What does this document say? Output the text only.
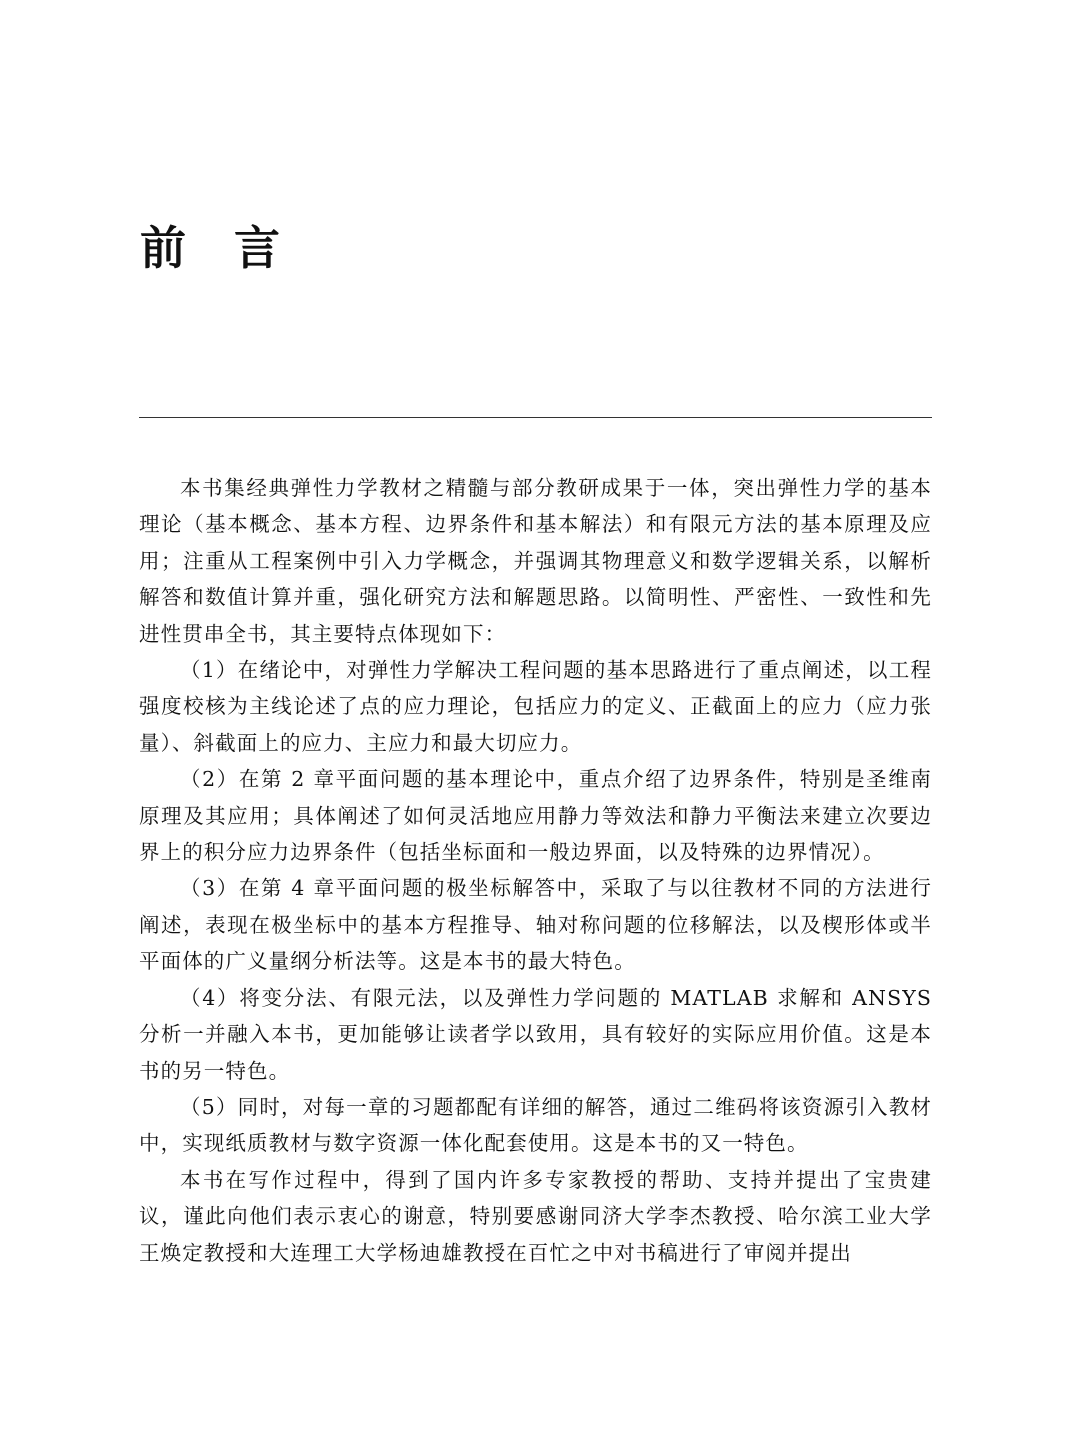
前言

本书集经典弹性力学教材之精髓与部分教研成果于一体，突出弹性力学的基本理论（基本概念、基本方程、边界条件和基本解法）和有限元方法的基本原理及应用；注重从工程案例中引入力学概念，并强调其物理意义和数学逻辑关系，以解析解答和数值计算并重，强化研究方法和解题思路。以简明性、严密性、一致性和先进性贯串全书，其主要特点体现如下：

（1）在绪论中，对弹性力学解决工程问题的基本思路进行了重点阐述，以工程强度校核为主线论述了点的应力理论，包括应力的定义、正截面上的应力（应力张量）、斜截面上的应力、主应力和最大切应力。

（2）在第 2 章平面问题的基本理论中，重点介绍了边界条件，特别是圣维南原理及其应用；具体阐述了如何灵活地应用静力等效法和静力平衡法来建立次要边界上的积分应力边界条件（包括坐标面和一般边界面，以及特殊的边界情况）。

（3）在第 4 章平面问题的极坐标解答中，采取了与以往教材不同的方法进行阐述，表现在极坐标中的基本方程推导、轴对称问题的位移解法，以及楔形体或半平面体的广义量纲分析法等。这是本书的最大特色。

（4）将变分法、有限元法，以及弹性力学问题的 MATLAB 求解和 ANSYS 分析一并融入本书，更加能够让读者学以致用，具有较好的实际应用价值。这是本书的另一特色。

（5）同时，对每一章的习题都配有详细的解答，通过二维码将该资源引入教材中，实现纸质教材与数字资源一体化配套使用。这是本书的又一特色。

本书在写作过程中，得到了国内许多专家教授的帮助、支持并提出了宝贵建议，谨此向他们表示衷心的谢意，特别要感谢同济大学李杰教授、哈尔滨工业大学王焕定教授和大连理工大学杨迪雄教授在百忙之中对书稿进行了审阅并提出
